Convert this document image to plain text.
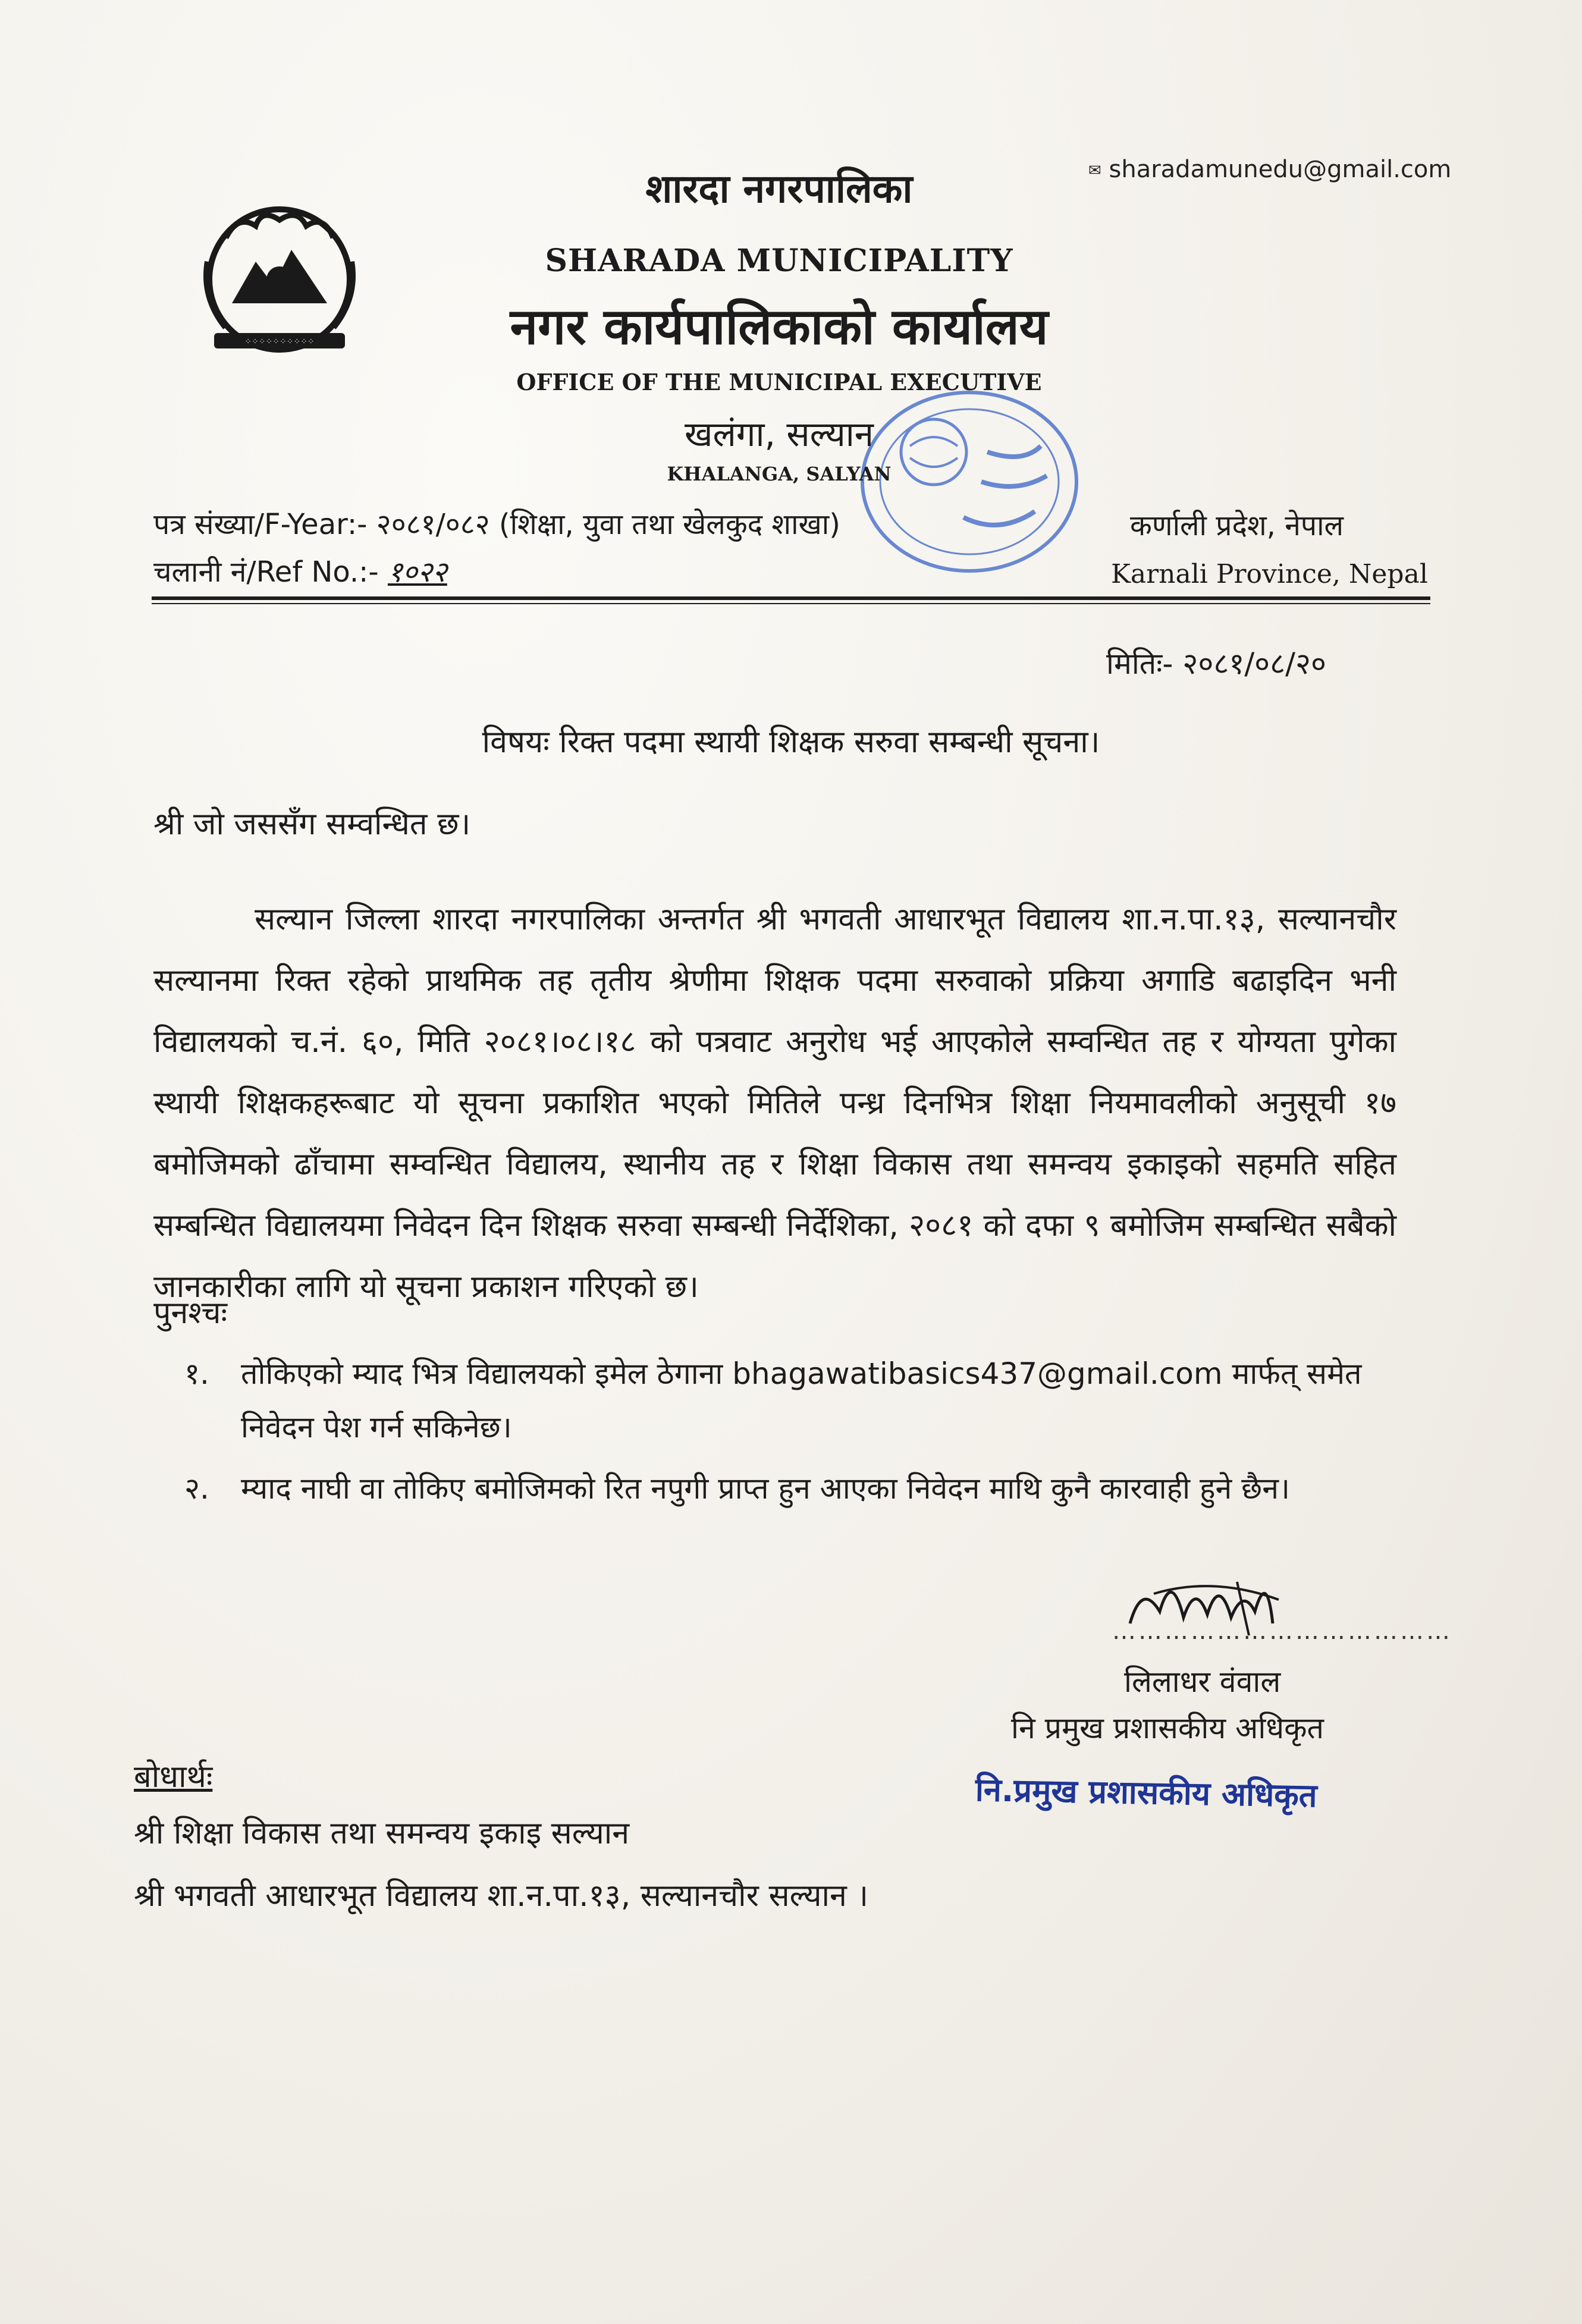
⁘⁘⁘⁘⁘⁘⁘⁘⁘⁘
✉ sharadamunedu@gmail.com
शारदा नगरपालिका
SHARADA MUNICIPALITY
नगर कार्यपालिकाको कार्यालय
OFFICE OF THE MUNICIPAL EXECUTIVE
खलंगा, सल्यान
KHALANGA, SALYAN
पत्र संख्या/F-Year:- २०८१/०८२ (शिक्षा, युवा तथा खेलकुद शाखा)
चलानी नं/Ref No.:- १०२२
कर्णाली प्रदेश, नेपाल
Karnali Province, Nepal
मितिः- २०८१/०८/२०
विषयः रिक्त पदमा स्थायी शिक्षक सरुवा सम्बन्धी सूचना।
श्री जो जससँग सम्वन्धित छ।

सल्यान जिल्ला शारदा नगरपालिका अन्तर्गत श्री भगवती आधारभूत विद्यालय शा.न.पा.१३, सल्यानचौर सल्यानमा रिक्त रहेको प्राथमिक तह तृतीय श्रेणीमा शिक्षक पदमा सरुवाको प्रक्रिया अगाडि बढाइदिन भनी विद्यालयको च.नं. ६०, मिति २०८१।०८।१८ को पत्रवाट अनुरोध भई आएकोले सम्वन्धित तह र योग्यता पुगेका स्थायी शिक्षकहरूबाट यो सूचना प्रकाशित भएको मितिले पन्ध्र दिनभित्र शिक्षा नियमावलीको अनुसूची १७ बमोजिमको ढाँचामा सम्वन्धित विद्यालय, स्थानीय तह र शिक्षा विकास तथा समन्वय इकाइको सहमति सहित सम्बन्धित विद्यालयमा निवेदन दिन शिक्षक सरुवा सम्बन्धी निर्देशिका, २०८१ को दफा ९ बमोजिम सम्बन्धित सबैको जानकारीका लागि यो सूचना प्रकाशन गरिएको छ।

पुनश्चः
१. तोकिएको म्याद भित्र विद्यालयको इमेल ठेगाना bhagawatibasics437@gmail.com मार्फत् समेत
निवेदन पेश गर्न सकिनेछ।
२. म्याद नाघी वा तोकिए बमोजिमको रित नपुगी प्राप्त हुन आएका निवेदन माथि कुनै कारवाही हुने छैन।
…………………………………
लिलाधर वंवाल
नि प्रमुख प्रशासकीय अधिकृत
नि.प्रमुख प्रशासकीय अधिकृत
बोधार्थः
श्री शिक्षा विकास तथा समन्वय इकाइ सल्यान
श्री भगवती आधारभूत विद्यालय शा.न.पा.१३, सल्यानचौर सल्यान ।
